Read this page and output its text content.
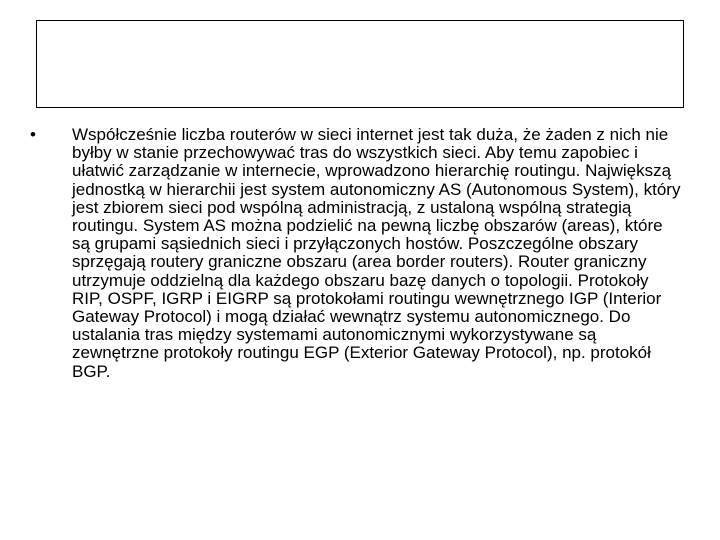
•	Współcześnie liczba routerów w sieci internet jest tak duża, że żaden z nich nie byłby w stanie przechowywać tras do wszystkich sieci. Aby temu zapobiec i ułatwić zarządzanie w internecie, wprowadzono hierarchię routingu. Największą jednostką w hierarchii jest system autonomiczny AS (Autonomous System), który jest zbiorem sieci pod wspólną administracją, z ustaloną wspólną strategią routingu. System AS można podzielić na pewną liczbę obszarów (areas), które są grupami sąsiednich sieci i przyłączonych hostów. Poszczególne obszary sprzęgają routery graniczne obszaru (area border routers). Router graniczny utrzymuje oddzielną dla każdego obszaru bazę danych o topologii. Protokoły RIP, OSPF, IGRP i EIGRP są protokołami routingu wewnętrznego IGP (Interior Gateway Protocol) i mogą działać wewnątrz systemu autonomicznego. Do ustalania tras między systemami autonomicznymi wykorzystywane są zewnętrzne protokoły routingu EGP (Exterior Gateway Protocol), np. protokół BGP.
